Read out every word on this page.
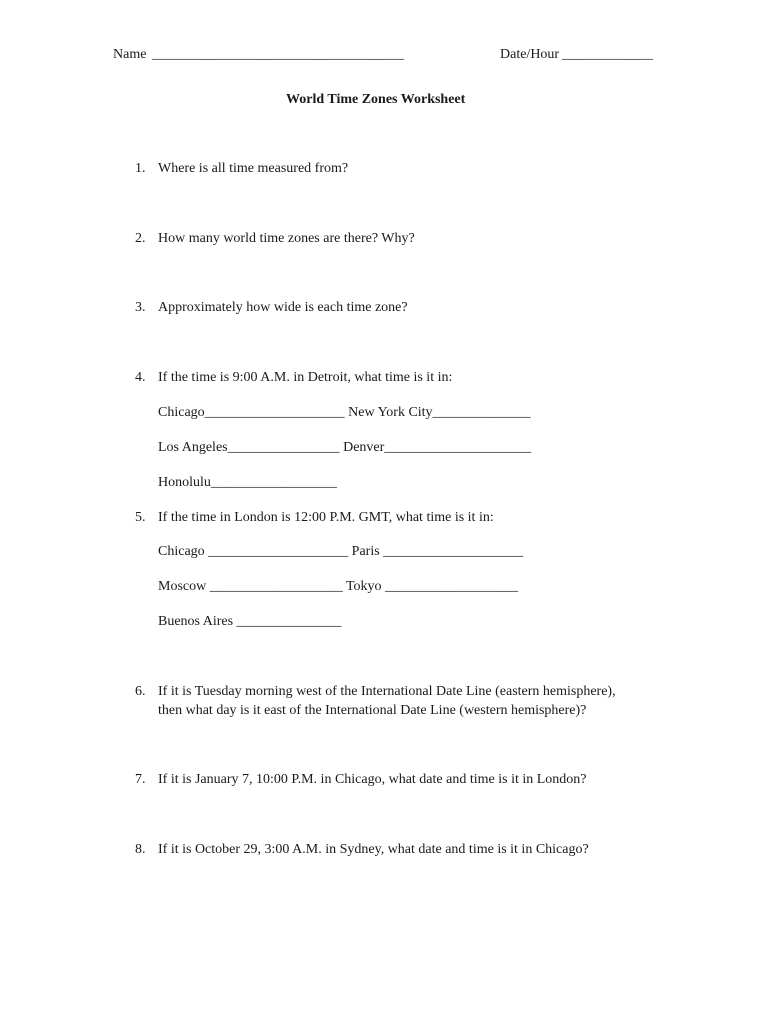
Name ____________________________________	Date/Hour _____________
World Time Zones Worksheet
1. Where is all time measured from?
2. How many world time zones are there? Why?
3. Approximately how wide is each time zone?
4. If the time is 9:00 A.M. in Detroit, what time is it in:
Chicago____________________ New York City______________
Los Angeles________________ Denver_____________________
Honolulu__________________
5. If the time in London is 12:00 P.M. GMT, what time is it in:
Chicago ____________________ Paris ____________________
Moscow ___________________ Tokyo ___________________
Buenos Aires _______________
6. If it is Tuesday morning west of the International Date Line (eastern hemisphere),
then what day is it east of the International Date Line (western hemisphere)?
7. If it is January 7, 10:00 P.M. in Chicago, what date and time is it in London?
8. If it is October 29, 3:00 A.M. in Sydney, what date and time is it in Chicago?
